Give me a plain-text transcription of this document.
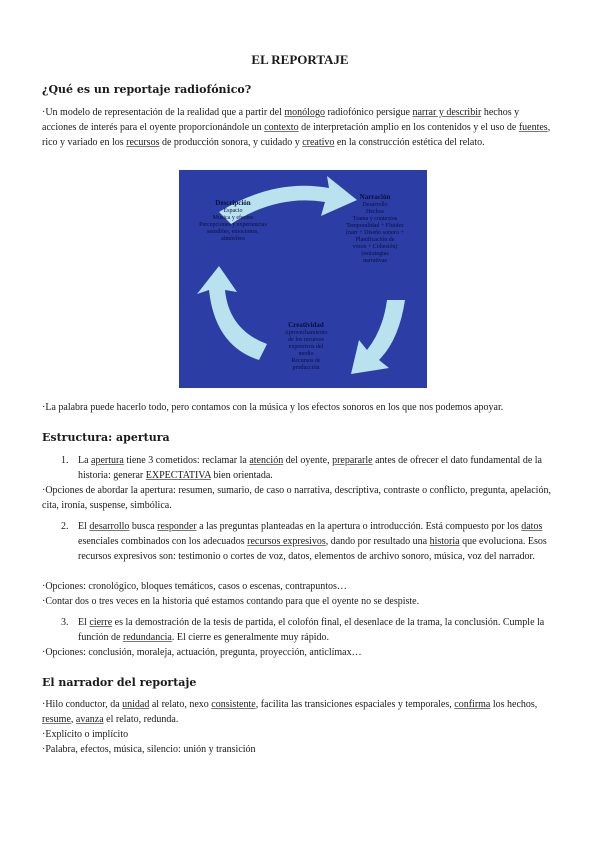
EL REPORTAJE
¿Qué es un reportaje radiofónico?
·Un modelo de representación de la realidad que a partir del monólogo radiofónico persigue narrar y describir hechos y acciones de interés para el oyente proporcionándole un contexto de interpretación amplio en los contenidos y el uso de fuentes, rico y variado en los recursos de producción sonora, y cuidado y creativo en la construcción estética del relato.
Descripción
Espacio
Música y efectos
Percepciones y experiencias
sensibles, emociones,
atmósfera
Narración
Desarrollo
Hechos
Trama y contextos
Temporalidad + Fluidez
(narr + Diseño sonoro +
Planificación de
voces + Cohesión)
(estrategias
narrativas
Creatividad
Aprovechamiento
de los recursos
expresivos del
medio
Recursos de
producción
·La palabra puede hacerlo todo, pero contamos con la música y los efectos sonoros en los que nos podemos apoyar.
Estructura: apertura
1. La apertura tiene 3 cometidos: reclamar la atención del oyente, prepararle antes de ofrecer el dato fundamental de la historia: generar EXPECTATIVA bien orientada.
·Opciones de abordar la apertura: resumen, sumario, de caso o narrativa, descriptiva, contraste o conflicto, pregunta, apelación, cita, ironía, suspense, simbólica.
2. El desarrollo busca responder a las preguntas planteadas en la apertura o introducción. Está compuesto por los datos esenciales combinados con los adecuados recursos expresivos, dando por resultado una historia que evoluciona. Esos recursos expresivos son: testimonio o cortes de voz, datos, elementos de archivo sonoro, música, voz del narrador.
·Opciones: cronológico, bloques temáticos, casos o escenas, contrapuntos…
·Contar dos o tres veces en la historia qué estamos contando para que el oyente no se despiste.
3. El cierre es la demostración de la tesis de partida, el colofón final, el desenlace de la trama, la conclusión. Cumple la función de redundancia. El cierre es generalmente muy rápido.
·Opciones: conclusión, moraleja, actuación, pregunta, proyección, anticlímax…
El narrador del reportaje
·Hilo conductor, da unidad al relato, nexo consistente, facilita las transiciones espaciales y temporales, confirma los hechos, resume, avanza el relato, redunda.
·Explícito o implícito
·Palabra, efectos, música, silencio: unión y transición
